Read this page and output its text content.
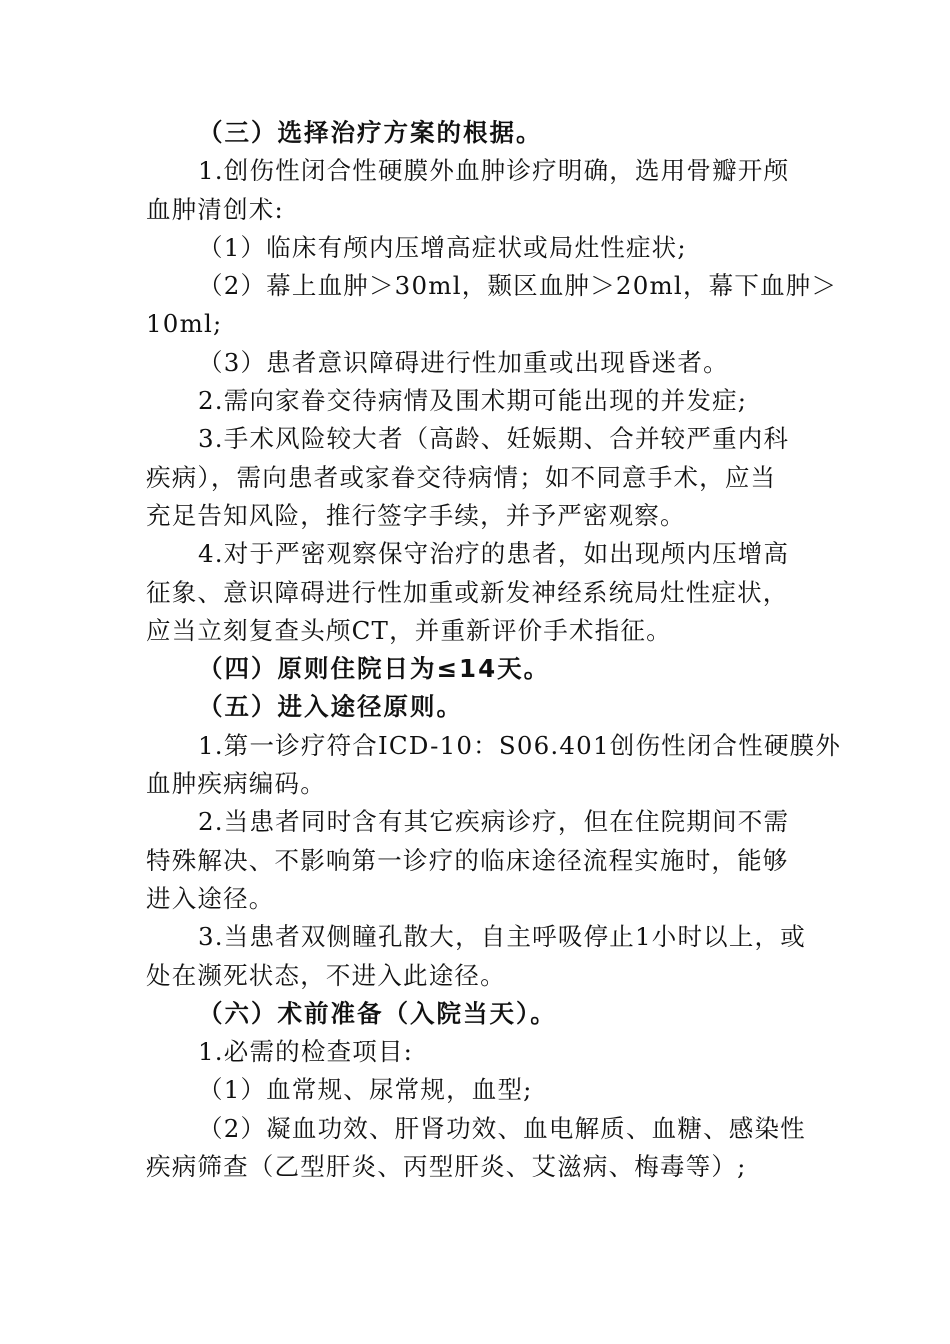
（三）选择治疗方案的根据。
1.创伤性闭合性硬膜外血肿诊疗明确，选用骨瓣开颅
血肿清创术:
（1）临床有颅内压增高症状或局灶性症状;
（2）幕上血肿＞30ml，颞区血肿＞20ml，幕下血肿＞
10ml;
（3）患者意识障碍进行性加重或出现昏迷者。
2.需向家眷交待病情及围术期可能出现的并发症;
3.手术风险较大者（高龄、妊娠期、合并较严重内科
疾病），需向患者或家眷交待病情；如不同意手术，应当
充足告知风险，推行签字手续，并予严密观察。
4.对于严密观察保守治疗的患者，如出现颅内压增高
征象、意识障碍进行性加重或新发神经系统局灶性症状，
应当立刻复查头颅CT，并重新评价手术指征。
（四）原则住院日为≤14天。
（五）进入途径原则。
1.第一诊疗符合ICD-10：S06.401创伤性闭合性硬膜外
血肿疾病编码。
2.当患者同时含有其它疾病诊疗，但在住院期间不需
特殊解决、不影响第一诊疗的临床途径流程实施时，能够
进入途径。
3.当患者双侧瞳孔散大，自主呼吸停止1小时以上，或
处在濒死状态，不进入此途径。
（六）术前准备（入院当天）。
1.必需的检查项目:
（1）血常规、尿常规，血型;
（2）凝血功效、肝肾功效、血电解质、血糖、感染性
疾病筛查（乙型肝炎、丙型肝炎、艾滋病、梅毒等）;
